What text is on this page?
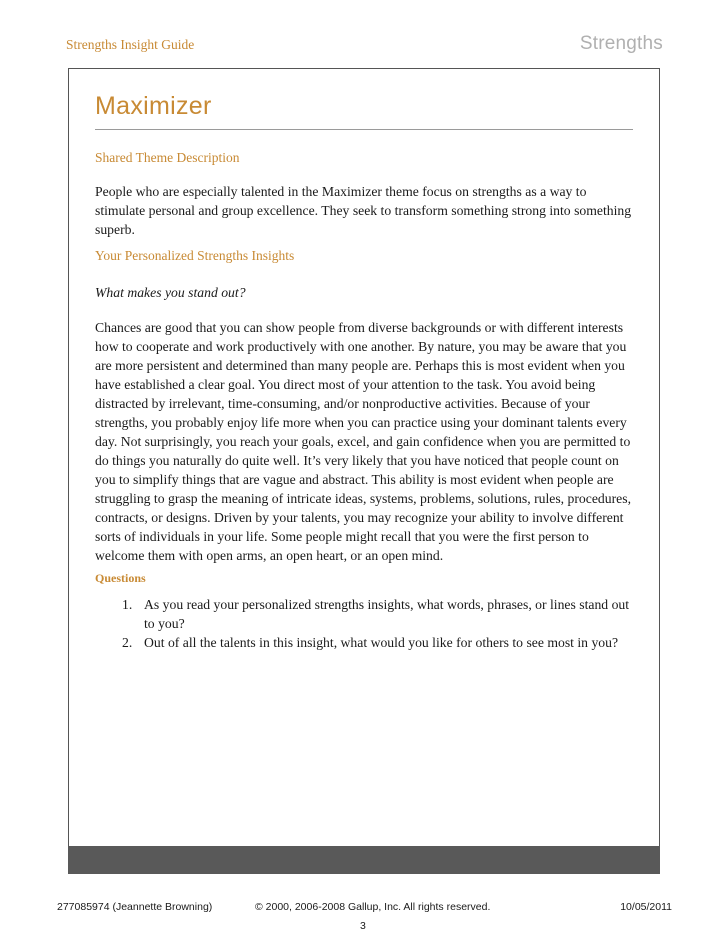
Strengths Insight Guide	Strengths
Maximizer
Shared Theme Description

People who are especially talented in the Maximizer theme focus on strengths as a way to stimulate personal and group excellence. They seek to transform something strong into something superb.

Your Personalized Strengths Insights
What makes you stand out?

Chances are good that you can show people from diverse backgrounds or with different interests how to cooperate and work productively with one another. By nature, you may be aware that you are more persistent and determined than many people are. Perhaps this is most evident when you have established a clear goal. You direct most of your attention to the task. You avoid being distracted by irrelevant, time-consuming, and/or nonproductive activities. Because of your strengths, you probably enjoy life more when you can practice using your dominant talents every day. Not surprisingly, you reach your goals, excel, and gain confidence when you are permitted to do things you naturally do quite well. It’s very likely that you have noticed that people count on you to simplify things that are vague and abstract. This ability is most evident when people are struggling to grasp the meaning of intricate ideas, systems, problems, solutions, rules, procedures, contracts, or designs. Driven by your talents, you may recognize your ability to involve different sorts of individuals in your life. Some people might recall that you were the first person to welcome them with open arms, an open heart, or an open mind.

Questions
1. As you read your personalized strengths insights, what words, phrases, or lines stand out to you?
2. Out of all the talents in this insight, what would you like for others to see most in you?
277085974 (Jeannette Browning)	© 2000, 2006-2008 Gallup, Inc. All rights reserved.	10/05/2011
3
